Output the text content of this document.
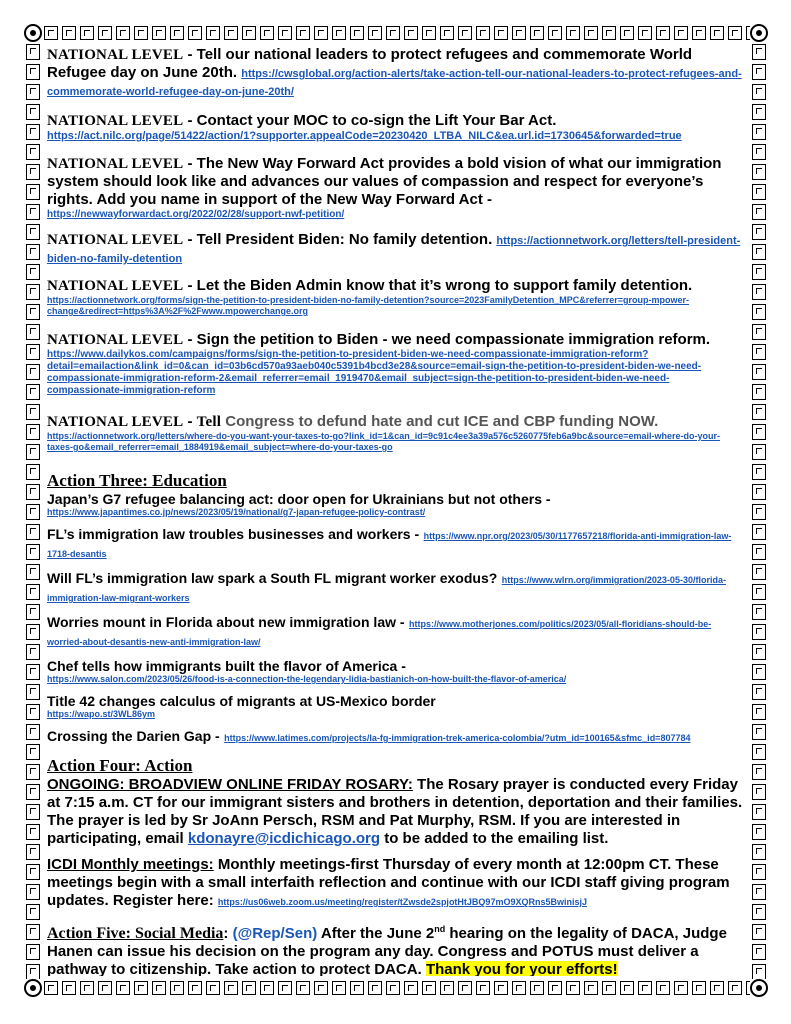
NATIONAL LEVEL - Tell our national leaders to protect refugees and commemorate World Refugee day on June 20th. https://cwsglobal.org/action-alerts/take-action-tell-our-national-leaders-to-protect-refugees-and-commemorate-world-refugee-day-on-june-20th/
NATIONAL LEVEL - Contact your MOC to co-sign the Lift Your Bar Act.
https://act.nilc.org/page/51422/action/1?supporter.appealCode=20230420_LTBA_NILC&ea.url.id=1730645&forwarded=true
NATIONAL LEVEL - The New Way Forward Act provides a bold vision of what our immigration system should look like and advances our values of compassion and respect for everyone’s rights. Add you name in support of the New Way Forward Act -
https://newwayforwardact.org/2022/02/28/support-nwf-petition/
NATIONAL LEVEL - Tell President Biden: No family detention. https://actionnetwork.org/letters/tell-president-biden-no-family-detention
NATIONAL LEVEL - Let the Biden Admin know that it’s wrong to support family detention.
https://actionnetwork.org/forms/sign-the-petition-to-president-biden-no-family-detention?source=2023FamilyDetention_MPC&referrer=group-mpower-change&redirect=https%3A%2F%2Fwww.mpowerchange.org
NATIONAL LEVEL - Sign the petition to Biden - we need compassionate immigration reform.
https://www.dailykos.com/campaigns/forms/sign-the-petition-to-president-biden-we-need-compassionate-immigration-reform?detail=emailaction&link_id=0&can_id=03b6cd570a93aeb040c5391b4bcd3e28&source=email-sign-the-petition-to-president-biden-we-need-compassionate-immigration-reform-2&email_referrer=email_1919470&email_subject=sign-the-petition-to-president-biden-we-need-compassionate-immigration-reform
NATIONAL LEVEL - Tell Congress to defund hate and cut ICE and CBP funding NOW.
https://actionnetwork.org/letters/where-do-you-want-your-taxes-to-go?link_id=1&can_id=9c91c4ee3a39a576c5260775feb6a9bc&source=email-where-do-your-taxes-go&email_referrer=email_1884919&email_subject=where-do-your-taxes-go
Action Three: Education
Japan’s G7 refugee balancing act: door open for Ukrainians but not others -
https://www.japantimes.co.jp/news/2023/05/19/national/g7-japan-refugee-policy-contrast/
FL’s immigration law troubles businesses and workers - https://www.npr.org/2023/05/30/1177657218/florida-anti-immigration-law-1718-desantis
Will FL’s immigration law spark a South FL migrant worker exodus? https://www.wlrn.org/immigration/2023-05-30/florida-immigration-law-migrant-workers
Worries mount in Florida about new immigration law - https://www.motherjones.com/politics/2023/05/all-floridians-should-be-worried-about-desantis-new-anti-immigration-law/
Chef tells how immigrants built the flavor of America -
https://www.salon.com/2023/05/26/food-is-a-connection-the-legendary-lidia-bastianich-on-how-built-the-flavor-of-america/
Title 42 changes calculus of migrants at US-Mexico border
https://wapo.st/3WL86ym
Crossing the Darien Gap - https://www.latimes.com/projects/la-fg-immigration-trek-america-colombia/?utm_id=100165&sfmc_id=807784
Action Four: Action
ONGOING: BROADVIEW ONLINE FRIDAY ROSARY: The Rosary prayer is conducted every Friday at 7:15 a.m. CT for our immigrant sisters and brothers in detention, deportation and their families. The prayer is led by Sr JoAnn Persch, RSM and Pat Murphy, RSM. If you are interested in participating, email kdonayre@icdichicago.org to be added to the emailing list.
ICDI Monthly meetings: Monthly meetings-first Thursday of every month at 12:00pm CT. These meetings begin with a small interfaith reflection and continue with our ICDI staff giving program updates. Register here: https://us06web.zoom.us/meeting/register/tZwsde2spjotHtJBQ97mO9XQRns5BwinisjJ
Action Five: Social Media: (@Rep/Sen) After the June 2nd hearing on the legality of DACA, Judge Hanen can issue his decision on the program any day. Congress and POTUS must deliver a pathway to citizenship. Take action to protect DACA. Thank you for your efforts!
